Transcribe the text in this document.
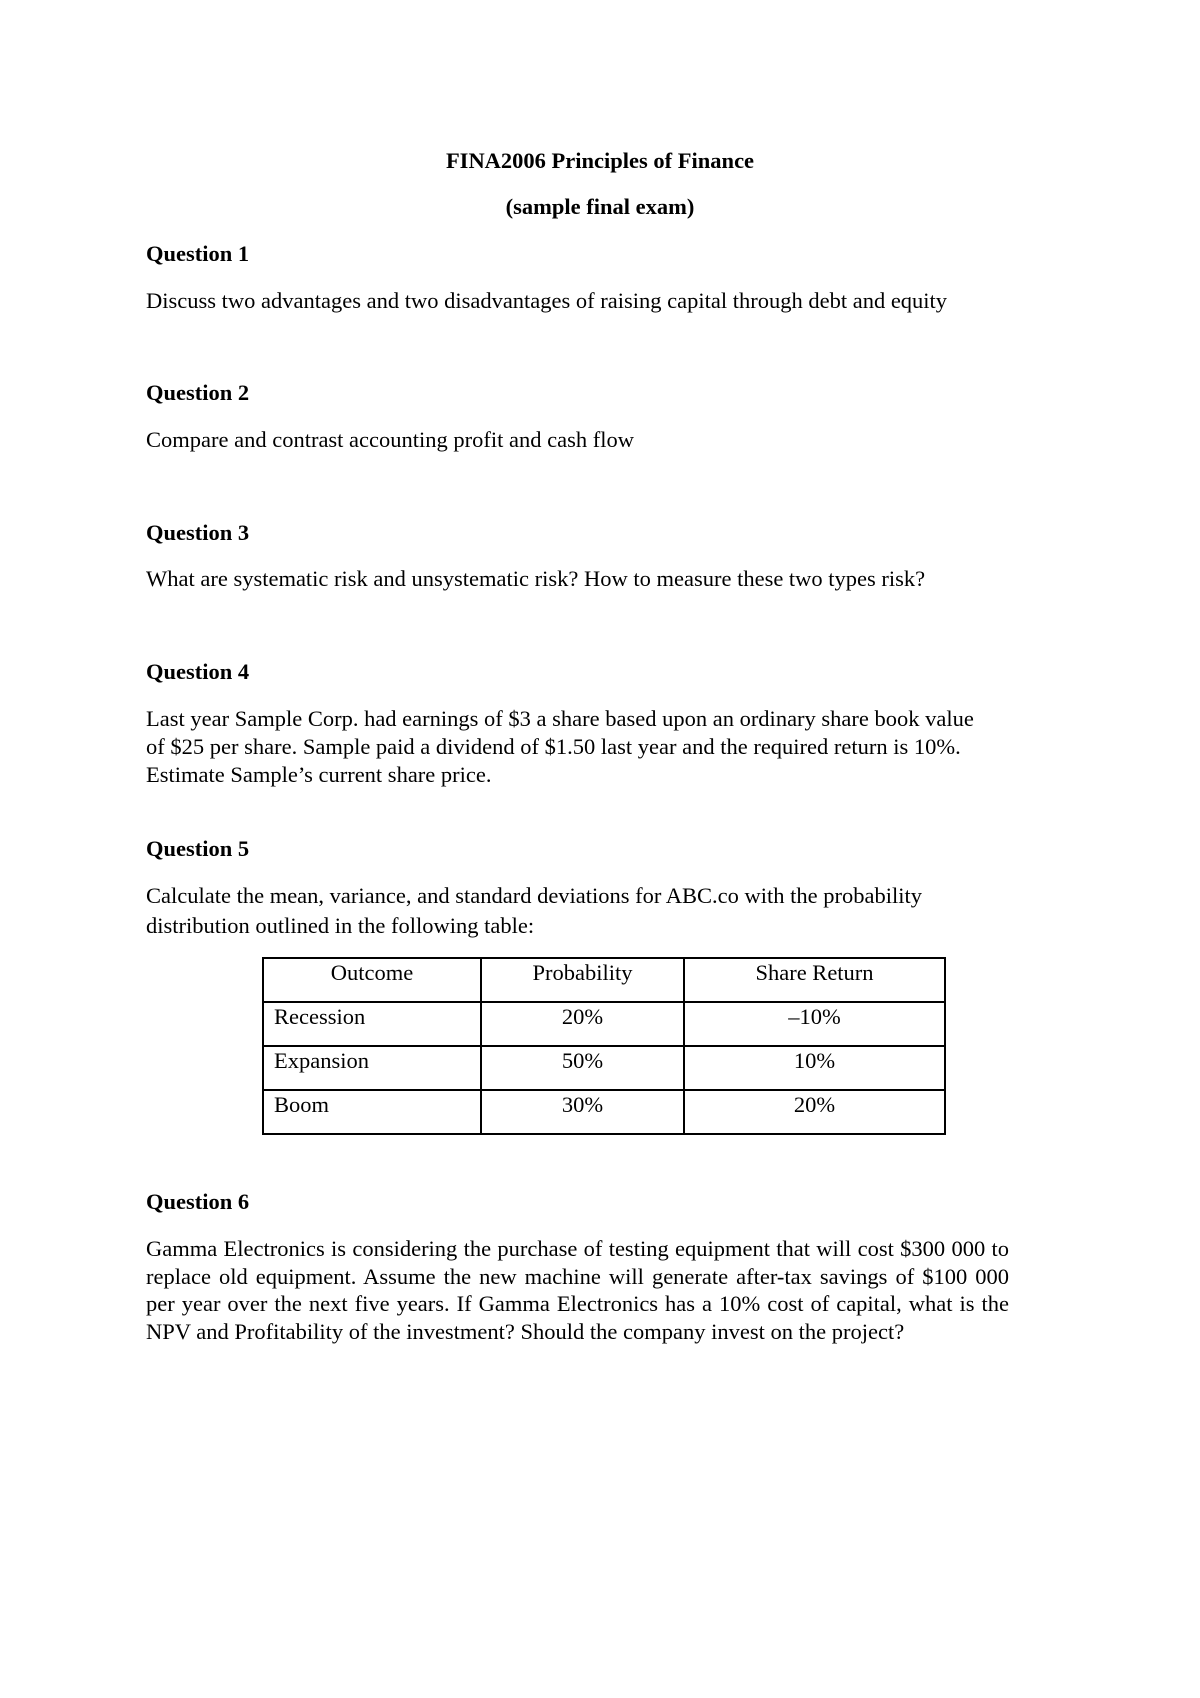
FINA2006 Principles of Finance
(sample final exam)
Question 1
Discuss two advantages and two disadvantages of raising capital through debt and equity
Question 2
Compare and contrast accounting profit and cash flow
Question 3
What are systematic risk and unsystematic risk? How to measure these two types risk?
Question 4
Last year Sample Corp. had earnings of $3 a share based upon an ordinary share book value
of $25 per share. Sample paid a dividend of $1.50 last year and the required return is 10%.
Estimate Sample’s current share price.
Question 5
Calculate the mean, variance, and standard deviations for ABC.co with the probability
distribution outlined in the following table:
Outcome	Probability	Share Return
Recession	20%	–10%
Expansion	50%	10%
Boom	30%	20%
Question 6
Gamma Electronics is considering the purchase of testing equipment that will cost $300 000 to replace old equipment. Assume the new machine will generate after-tax savings of $100 000 per year over the next five years. If Gamma Electronics has a 10% cost of capital, what is the NPV and Profitability of the investment? Should the company invest on the project?
